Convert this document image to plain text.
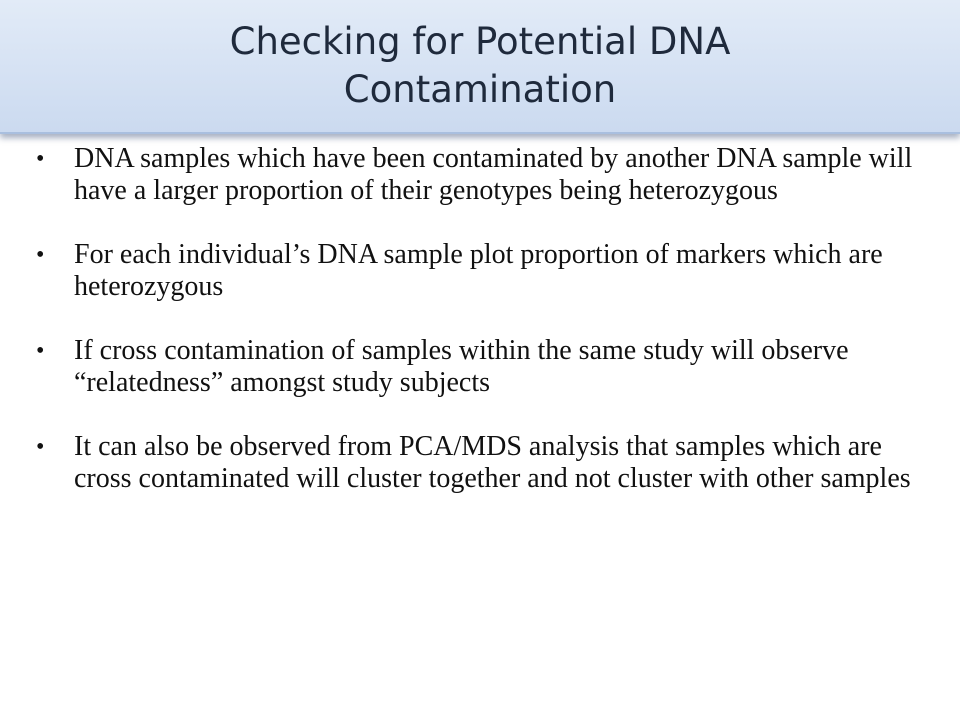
Checking for Potential DNA Contamination
• DNA samples which have been contaminated by another DNA sample will have a larger proportion of their genotypes being heterozygous
• For each individual’s DNA sample plot proportion of markers which are heterozygous
• If cross contamination of samples within the same study will observe “relatedness” amongst study subjects
• It can also be observed from PCA/MDS analysis that samples which are cross contaminated will cluster together and not cluster with other samples
